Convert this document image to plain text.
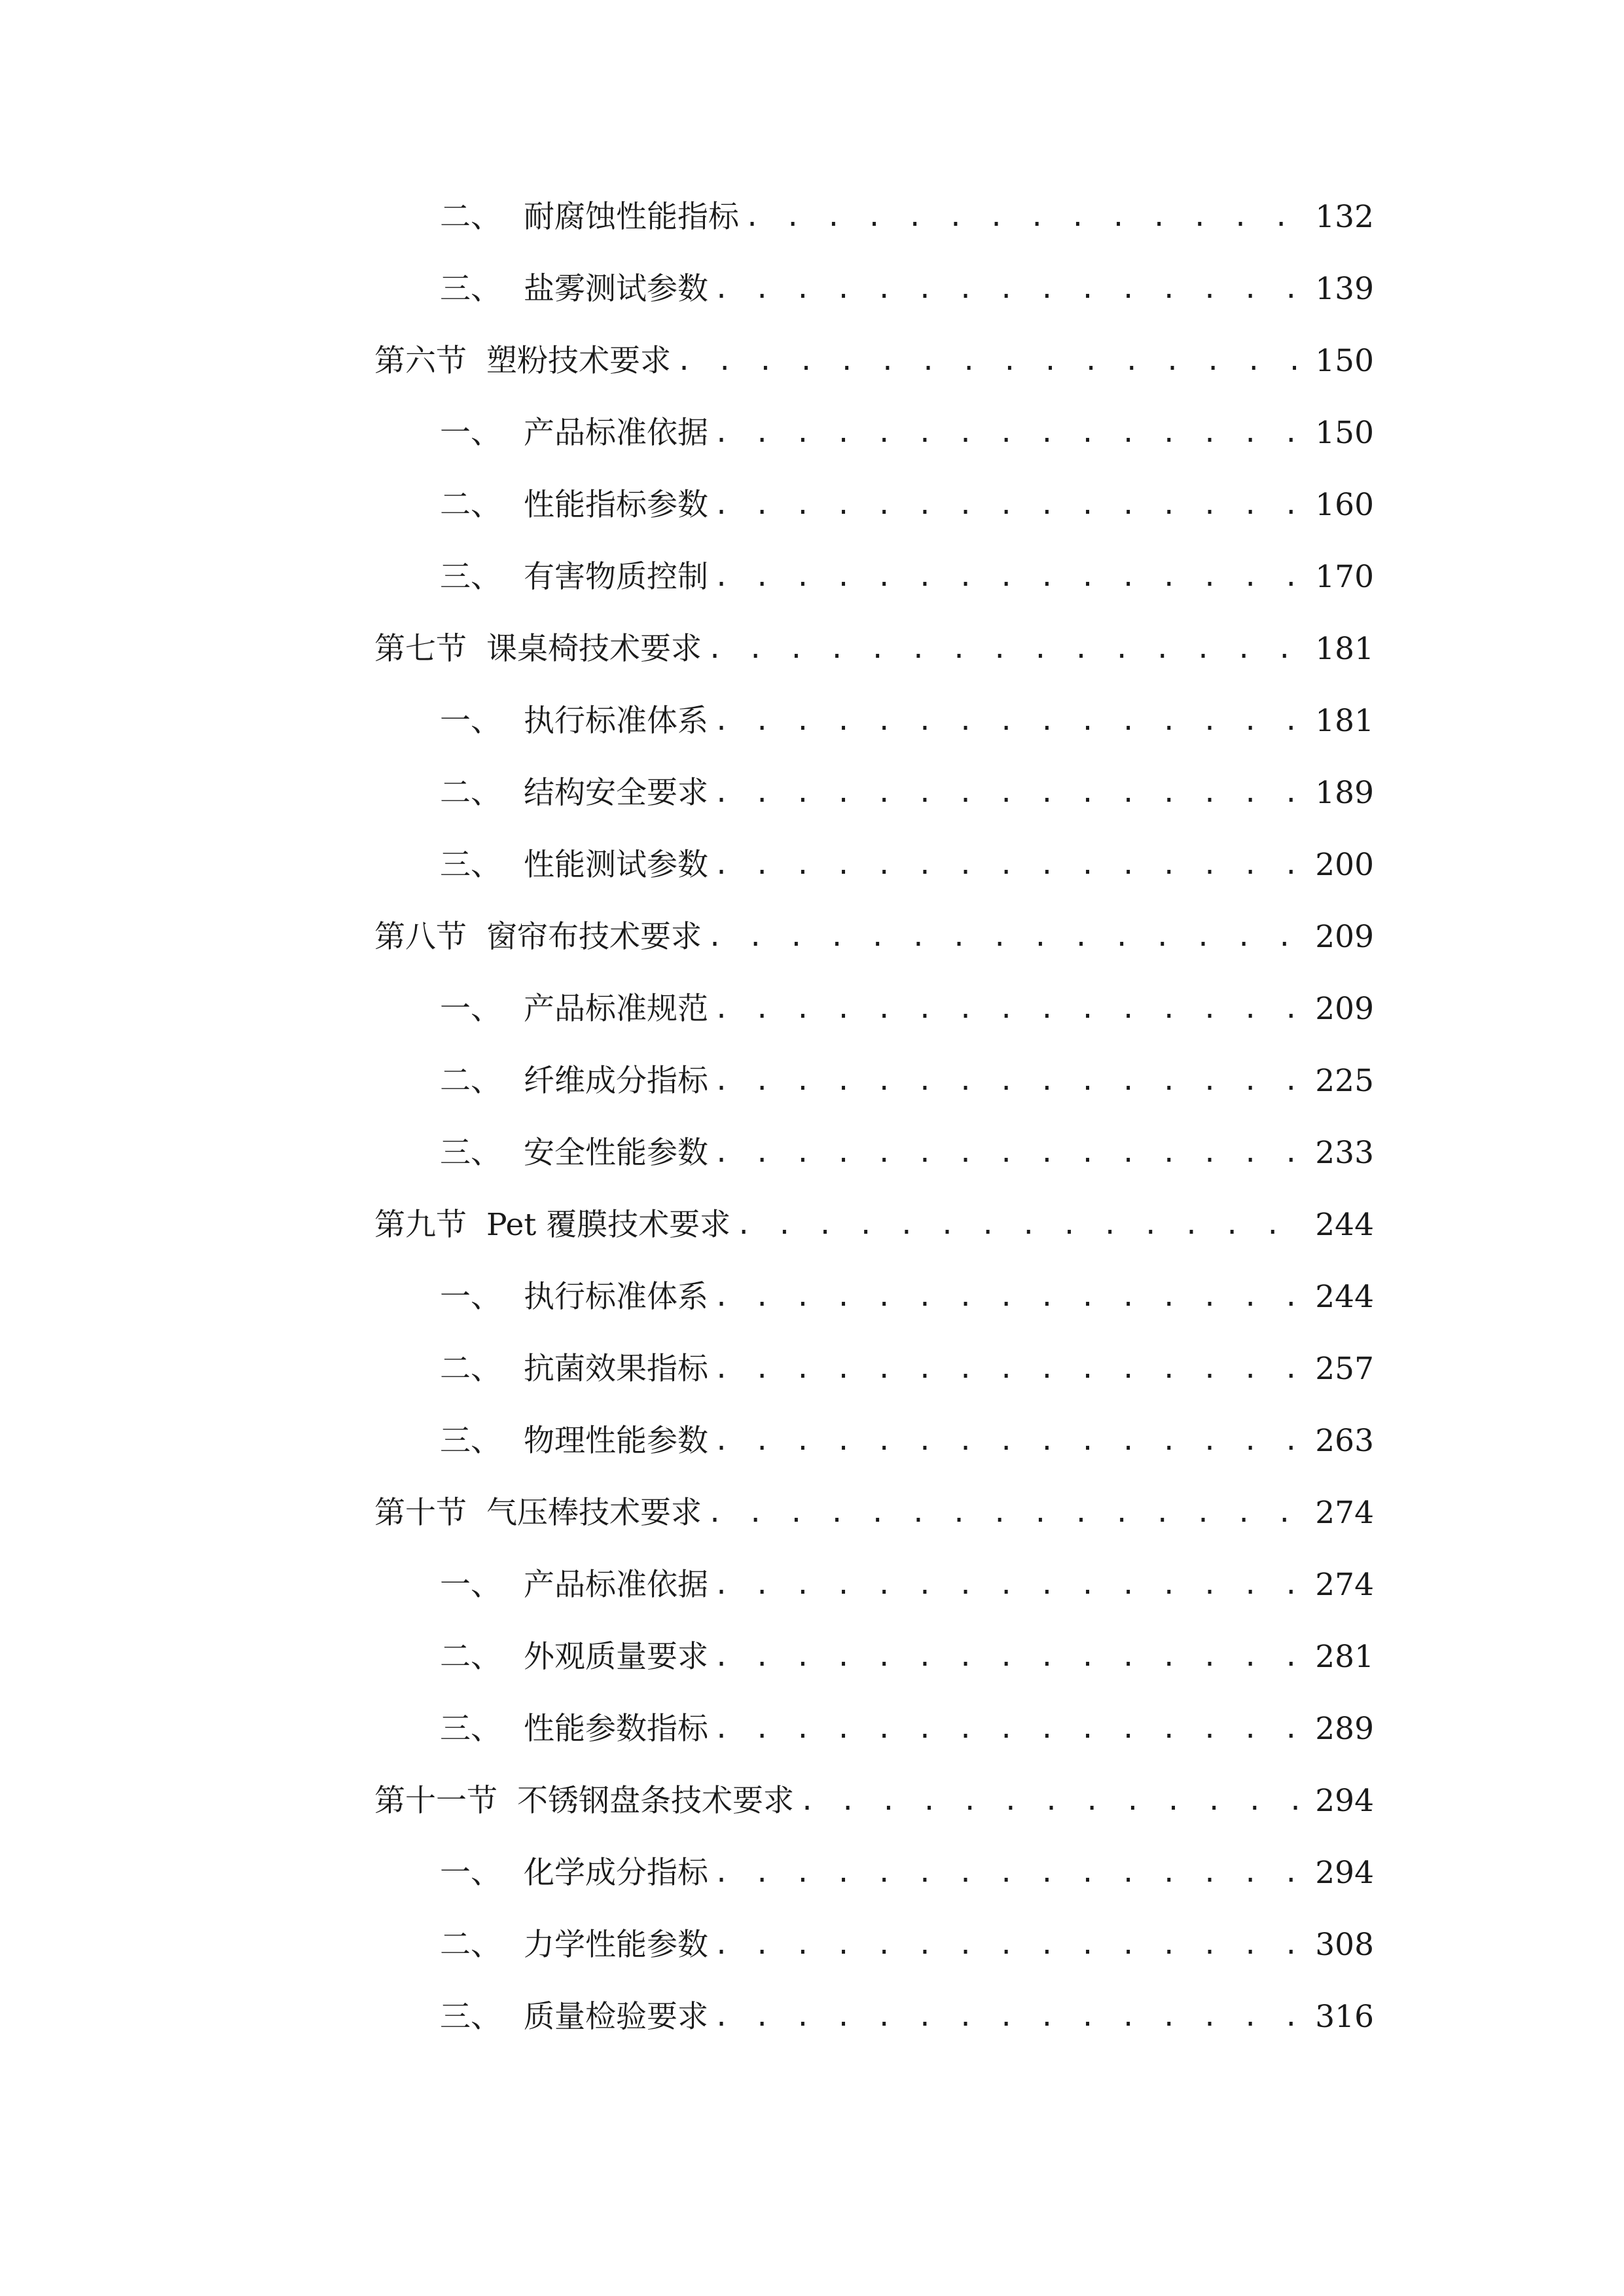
二、 耐腐蚀性能指标 . . .	132
三、 盐雾测试参数 . . .	139
第六节 塑粉技术要求 . . .	150
一、 产品标准依据 . . .	150
二、 性能指标参数 . . .	160
三、 有害物质控制 . . .	170
第七节 课桌椅技术要求 . . .	181
一、 执行标准体系 . . .	181
二、 结构安全要求 . . .	189
三、 性能测试参数 . . .	200
第八节 窗帘布技术要求 . . .	209
一、 产品标准规范 . . .	209
二、 纤维成分指标 . . .	225
三、 安全性能参数 . . .	233
第九节 Pet 覆膜技术要求 . . .	244
一、 执行标准体系 . . .	244
二、 抗菌效果指标 . . .	257
三、 物理性能参数 . . .	263
第十节 气压棒技术要求 . . .	274
一、 产品标准依据 . . .	274
二、 外观质量要求 . . .	281
三、 性能参数指标 . . .	289
第十一节 不锈钢盘条技术要求 . . .	294
一、 化学成分指标 . . .	294
二、 力学性能参数 . . .	308
三、 质量检验要求 . . .	316
